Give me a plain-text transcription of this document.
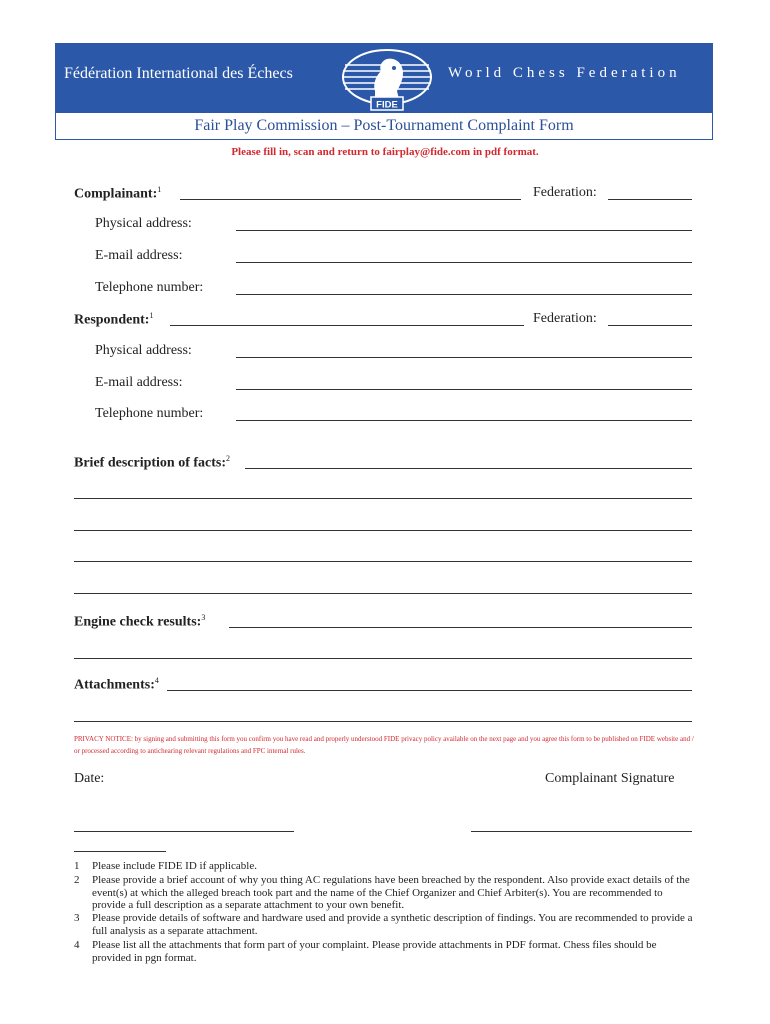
Fédération International des Échecs
FIDE
World Chess Federation
Fair Play Commission – Post-Tournament Complaint Form
Please fill in, scan and return to fairplay@fide.com in pdf format.
Complainant:$^1$	Federation:
Physical address:
E-mail address:
Telephone number:
Respondent:$^1$	Federation:
Physical address:
E-mail address:
Telephone number:
Brief description of facts:$^2$
Engine check results:$^3$
Attachments:$^4$
PRIVACY NOTICE: by signing and submitting this form you confirm you have read and properly understood FIDE privacy policy available on the next page and you agree this form to be published on FIDE website and / or processed according to antichearing relevant regulations and FPC internal rules.
Date:	Complainant Signature
1 Please include FIDE ID if applicable.
2 Please provide a brief account of why you thing AC regulations have been breached by the respondent. Also provide exact details of the event(s) at which the alleged breach took part and the name of the Chief Organizer and Chief Arbiter(s). You are recommended to provide a full description as a separate attachment to your own benefit.
3 Please provide details of software and hardware used and provide a synthetic description of findings. You are recommended to provide a full analysis as a separate attachment.
4 Please list all the attachments that form part of your complaint. Please provide attachments in PDF format. Chess files should be provided in pgn format.
